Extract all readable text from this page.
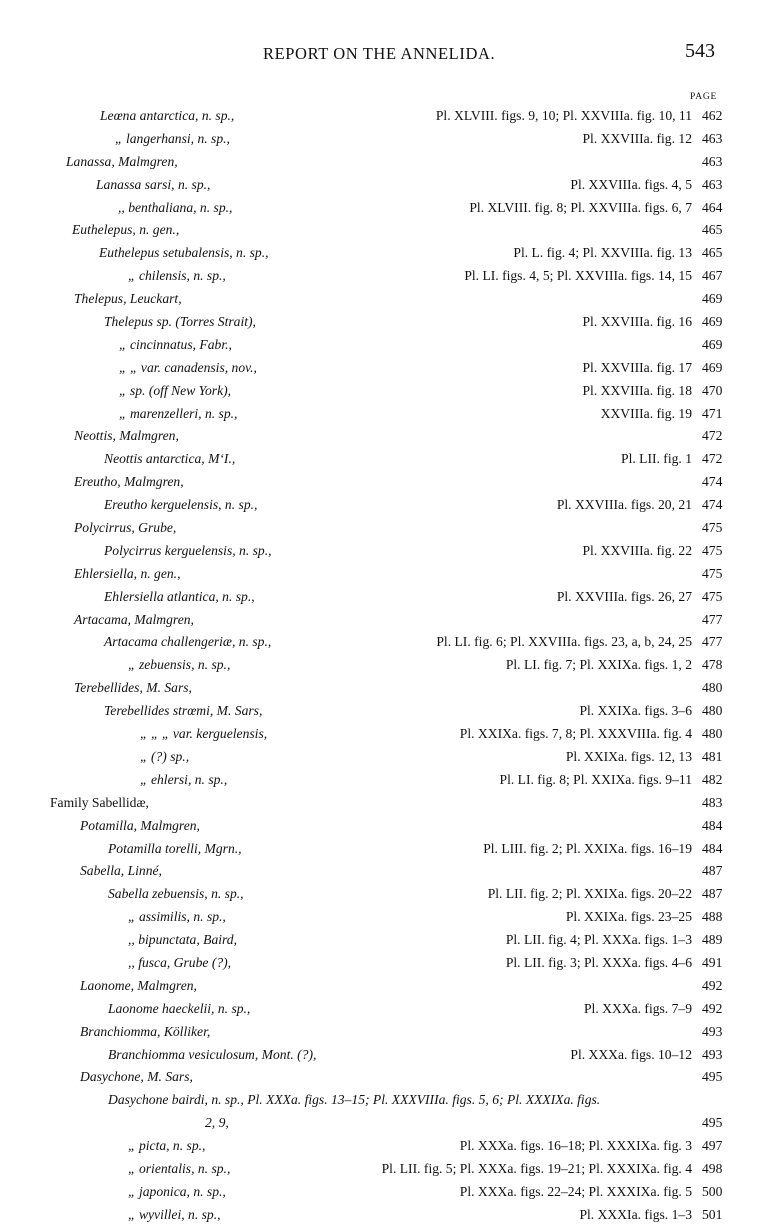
REPORT ON THE ANNELIDA.	543
PAGE
Leœna antarctica, n. sp.,	Pl. XLVIII. figs. 9, 10; Pl. XXVIIIa. fig. 10, 11 462
„ langerhansi, n. sp.,	Pl. XXVIIIa. fig. 12 463
Lanassa, Malmgren,	463
Lanassa sarsi, n. sp.,	Pl. XXVIIIa. figs. 4, 5 463
,, benthaliana, n. sp.,	Pl. XLVIII. fig. 8; Pl. XXVIIIa. figs. 6, 7 464
Euthelepus, n. gen.,	465
Euthelepus setubalensis, n. sp.,	Pl. L. fig. 4; Pl. XXVIIIa. fig. 13 465
„ chilensis, n. sp.,	Pl. LI. figs. 4, 5; Pl. XXVIIIa. figs. 14, 15 467
Thelepus, Leuckart,	469
Thelepus sp. (Torres Strait),	Pl. XXVIIIa. fig. 16 469
„ cincinnatus, Fabr.,	469
„ „ var. canadensis, nov.,	Pl. XXVIIIa. fig. 17 469
„ sp. (off New York),	Pl. XXVIIIa. fig. 18 470
„ marenzelleri, n. sp.,	XXVIIIa. fig. 19 471
Neottis, Malmgren,	472
Neottis antarctica, M‘I.,	Pl. LII. fig. 1 472
Ereutho, Malmgren,	474
Ereutho kerguelensis, n. sp.,	Pl. XXVIIIa. figs. 20, 21 474
Polycirrus, Grube,	475
Polycirrus kerguelensis, n. sp.,	Pl. XXVIIIa. fig. 22 475
Ehlersiella, n. gen.,	475
Ehlersiella atlantica, n. sp.,	Pl. XXVIIIa. figs. 26, 27 475
Artacama, Malmgren,	477
Artacama challengeriæ, n. sp.,	Pl. LI. fig. 6; Pl. XXVIIIa. figs. 23, a, b, 24, 25 477
„ zebuensis, n. sp.,	Pl. LI. fig. 7; Pl. XXIXa. figs. 1, 2 478
Terebellides, M. Sars,	480
Terebellides strœmi, M. Sars,	Pl. XXIXa. figs. 3–6 480
„ „ „ var. kerguelensis,	Pl. XXIXa. figs. 7, 8; Pl. XXXVIIIa. fig. 4 480
„ (?) sp.,	Pl. XXIXa. figs. 12, 13 481
„ ehlersi, n. sp.,	Pl. LI. fig. 8; Pl. XXIXa. figs. 9–11 482
Family Sabellidæ,	483
Potamilla, Malmgren,	484
Potamilla torelli, Mgrn.,	Pl. LIII. fig. 2; Pl. XXIXa. figs. 16–19 484
Sabella, Linné,	487
Sabella zebuensis, n. sp.,	Pl. LII. fig. 2; Pl. XXIXa. figs. 20–22 487
„ assimilis, n. sp.,	Pl. XXIXa. figs. 23–25 488
,, bipunctata, Baird,	Pl. LII. fig. 4; Pl. XXXa. figs. 1–3 489
,, fusca, Grube (?),	Pl. LII. fig. 3; Pl. XXXa. figs. 4–6 491
Laonome, Malmgren,	492
Laonome haeckelii, n. sp.,	Pl. XXXa. figs. 7–9 492
Branchiomma, Kölliker,	493
Branchiomma vesiculosum, Mont. (?),	Pl. XXXa. figs. 10–12 493
Dasychone, M. Sars,	495
Dasychone bairdi, n. sp., Pl. XXXa. figs. 13–15; Pl. XXXVIIIa. figs. 5, 6; Pl. XXXIXa. figs.
2, 9,	495
„ picta, n. sp.,	Pl. XXXa. figs. 16–18; Pl. XXXIXa. fig. 3 497
„ orientalis, n. sp.,	Pl. LII. fig. 5; Pl. XXXa. figs. 19–21; Pl. XXXIXa. fig. 4 498
„ japonica, n. sp.,	Pl. XXXa. figs. 22–24; Pl. XXXIXa. fig. 5 500
„ wyvillei, n. sp.,	Pl. XXXIa. figs. 1–3 501
